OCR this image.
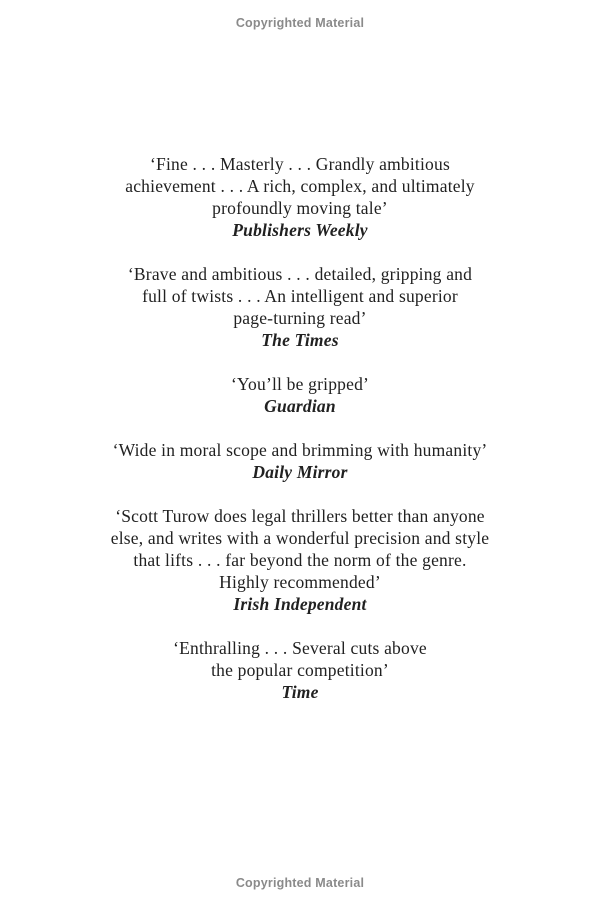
Copyrighted Material
‘Fine . . . Masterly . . . Grandly ambitious
achievement . . . A rich, complex, and ultimately
profoundly moving tale’
Publishers Weekly
‘Brave and ambitious . . . detailed, gripping and
full of twists . . . An intelligent and superior
page-turning read’
The Times
‘You’ll be gripped’
Guardian
‘Wide in moral scope and brimming with humanity’
Daily Mirror
‘Scott Turow does legal thrillers better than anyone
else, and writes with a wonderful precision and style
that lifts . . . far beyond the norm of the genre.
Highly recommended’
Irish Independent
‘Enthralling . . . Several cuts above
the popular competition’
Time
Copyrighted Material
